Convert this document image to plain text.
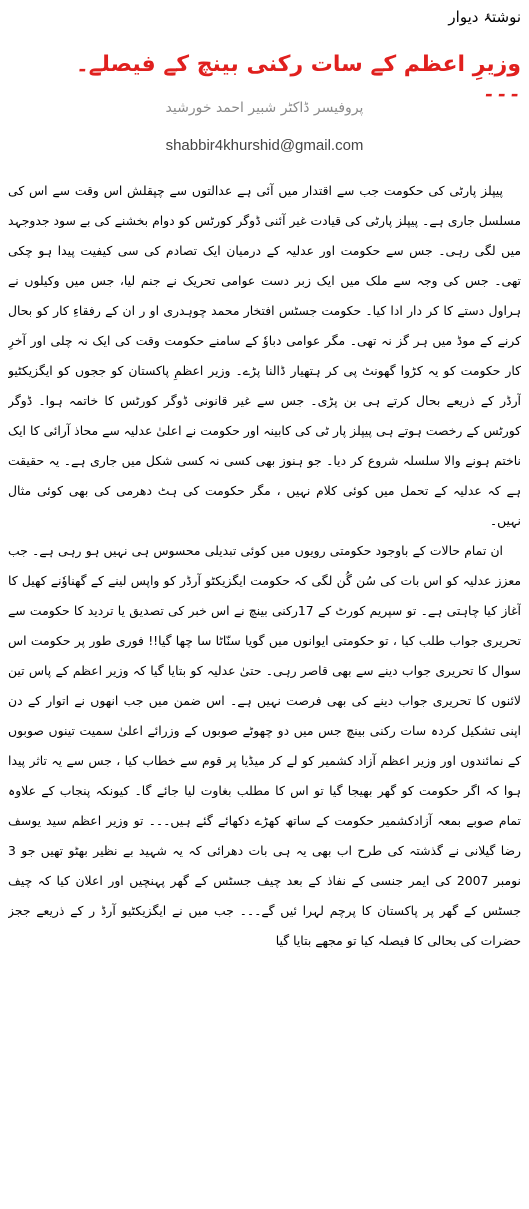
نوشتۂ دیوار
وزیرِ اعظم کے سات رکنی بینچ کے فیصلے۔ ۔۔۔
پروفیسر ڈاکٹر شبیر احمد خورشید
shabbir4khurshid@gmail.com

پیپلز پارٹی کی حکومت جب سے اقتدار میں آئی ہے عدالتوں سے چپقلش اس وقت سے اس کی مسلسل جاری ہے۔ پیپلز پارٹی کی قیادت غیر آئنی ڈوگر کورٹس کو دوام بخشنے کی بے سود جدوجہد میں لگی رہی۔ جس سے حکومت اور عدلیہ کے درمیان ایک تصادم کی سی کیفیت پیدا ہو چکی تھی۔ جس کی وجہ سے ملک میں ایک زبر دست عوامی تحریک نے جنم لیا، جس میں وکیلوں نے ہراول دستے کا کر دار ادا کیا۔ حکومت جسٹس افتخار محمد چوہدری او ر ان کے رفقاءِ کار کو بحال کرنے کے موڈ میں ہر گز نہ تھی۔ مگر عوامی دباوٗ کے سامنے حکومت وقت کی ایک نہ چلی اور آخرِ کار حکومت کو یہ کڑوا گھونٹ پی کر ہتھیار ڈالنا پڑے۔ وزیر اعظمِ پاکستان کو ججوں کو ایگزیکٹیو آرڈر کے ذریعے بحال کرتے ہی بن پڑی۔ جس سے غیر قانونی ڈوگر کورٹس کا خاتمہ ہوا۔ ڈوگر کورٹس کے رخصت ہوتے ہی پیپلز پار ٹی کی کابینہ اور حکومت نے اعلیٰ عدلیہ سے محاذ آرائی کا ایک ناختم ہونے والا سلسلہ شروع کر دیا۔ جو ہنوز بھی کسی نہ کسی شکل میں جاری ہے۔ یہ حقیقت ہے کہ عدلیہ کے تحمل میں کوئی کلام نہیں ، مگر حکومت کی ہٹ دھرمی کی بھی کوئی مثال نہیں۔

ان تمام حالات کے باوجود حکومتی رویوں میں کوئی تبدیلی محسوس ہی نہیں ہو رہی ہے۔ جب معزز عدلیہ کو اس بات کی سُن گُن لگی کہ حکومت ایگزیکٹو آرڈر کو واپس لینے کے گھناوٗنے کھیل کا آغاز کیا چاہتی ہے۔ تو سپریم کورٹ کے 17رکنی بینچ نے اس خبر کی تصدیق یا تردید کا حکومت سے تحریری جواب طلب کیا ، تو حکومتی ایوانوں میں گویا سنّاٹا سا چھا گیا!! فوری طور پر حکومت اس سوال کا تحریری جواب دینے سے بھی قاصر رہی۔ حتیٰ عدلیہ کو بتایا گیا کہ وزیر اعظم کے پاس تین لائنوں کا تحریری جواب دینے کی بھی فرصت نہیں ہے۔ اس ضمن میں جب انھوں نے اتوار کے دن اپنی تشکیل کردہ سات رکنی بینچ جس میں دو چھوٹے صوبوں کے وزرائے اعلیٰ سمیت تینوں صوبوں کے نمائندوں اور وزیر اعظم آزاد کشمیر کو لے کر میڈیا پر قوم سے خطاب کیا ، جس سے یہ تاثر پیدا ہوا کہ اگر حکومت کو گھر بھیجا گیا تو اس کا مطلب بغاوت لیا جائے گا۔ کیونکہ پنجاب کے علاوہ تمام صوبے بمعہ آزادکشمیر حکومت کے ساتھ کھڑے دکھائے گئے ہیں۔۔۔ تو وزیر اعظم سید یوسف رضا گیلانی نے گذشتہ کی طرح اب بھی یہ ہی بات دھرائی کہ یہ شہید بے نظیر بھٹو تھیں جو 3 نومبر 2007 کی ایمر جنسی کے نفاذ کے بعد چیف جسٹس کے گھر پہنچیں اور اعلان کیا کہ چیف جسٹس کے گھر پر پاکستان کا پرچم لہرا ئیں گے۔۔۔ جب میں نے ایگزیکٹیو آرڈ ر کے ذریعے ججز حضرات کی بحالی کا فیصلہ کیا تو مجھے بتایا گیا
